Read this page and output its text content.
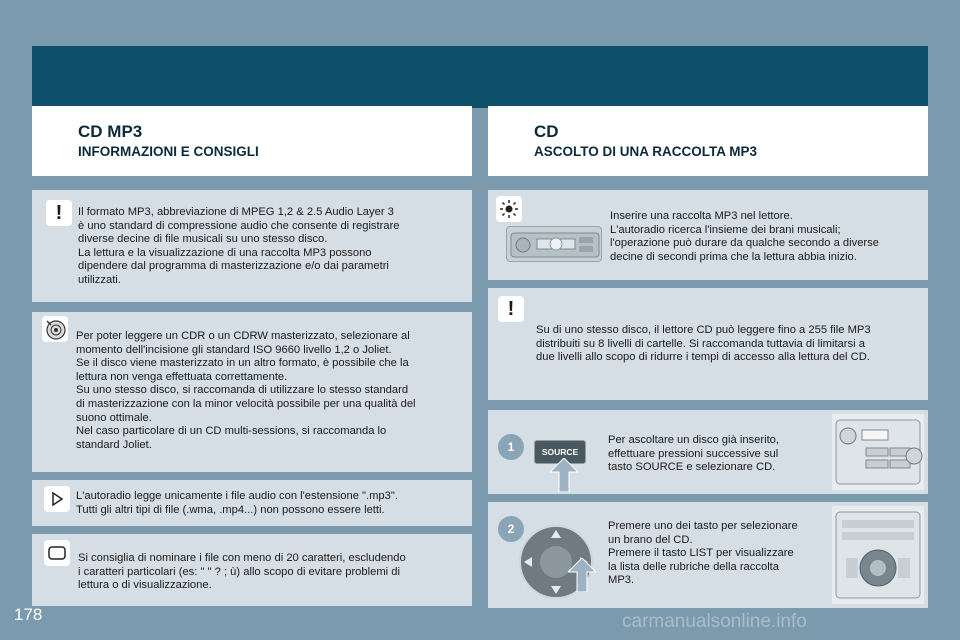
CD MP3
INFORMAZIONI E CONSIGLI
CD
ASCOLTO DI UNA RACCOLTA MP3
! Il formato MP3, abbreviazione di MPEG 1,2 & 2.5 Audio Layer 3
è uno standard di compressione audio che consente di registrare
diverse decine di file musicali su uno stesso disco.
La lettura e la visualizzazione di una raccolta MP3 possono
dipendere dal programma di masterizzazione e/o dai parametri
utilizzati.
Per poter leggere un CDR o un CDRW masterizzato, selezionare al
momento dell'incisione gli standard ISO 9660 livello 1,2 o Joliet.
Se il disco viene masterizzato in un altro formato, è possibile che la
lettura non venga effettuata correttamente.
Su uno stesso disco, si raccomanda di utilizzare lo stesso standard
di masterizzazione con la minor velocità possibile per una qualità del
suono ottimale.
Nel caso particolare di un CD multi-sessions, si raccomanda lo
standard Joliet.
L'autoradio legge unicamente i file audio con l'estensione ".mp3".
Tutti gli altri tipi di file (.wma, .mp4...) non possono essere letti.
Si consiglia di nominare i file con meno di 20 caratteri, escludendo
i caratteri particolari (es: " " ? ; ù) allo scopo di evitare problemi di
lettura o di visualizzazione.
Inserire una raccolta MP3 nel lettore.
L'autoradio ricerca l'insieme dei brani musicali;
l'operazione può durare da qualche secondo a diverse
decine di secondi prima che la lettura abbia inizio.
!
Su di uno stesso disco, il lettore CD può leggere fino a 255 file MP3
distribuiti su 8 livelli di cartelle. Si raccomanda tuttavia di limitarsi a
due livelli allo scopo di ridurre i tempi di accesso alla lettura del CD.
1	SOURCE
Per ascoltare un disco già inserito,
effettuare pressioni successive sul
tasto SOURCE e selezionare CD.
2	Premere uno dei tasto per selezionare
un brano del CD.
Premere il tasto LIST per visualizzare
la lista delle rubriche della raccolta
MP3.
178	carmanualsonline.info
